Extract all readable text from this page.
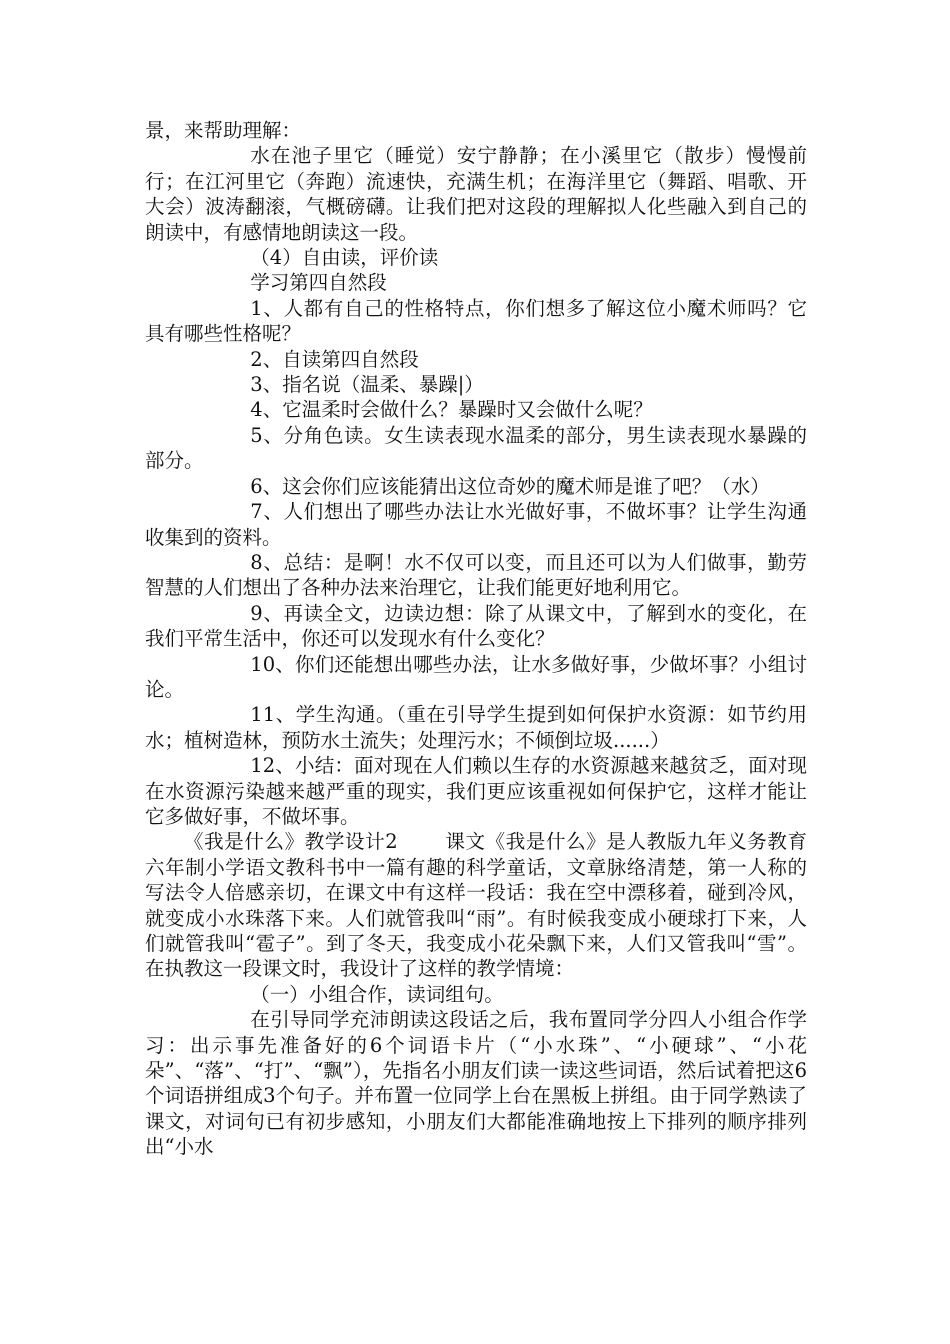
景，来帮助理解：

水在池子里它（睡觉）安宁静静；在小溪里它（散步）慢慢前行；在江河里它（奔跑）流速快，充满生机；在海洋里它（舞蹈、唱歌、开大会）波涛翻滚，气概磅礴。让我们把对这段的理解拟人化些融入到自己的朗读中，有感情地朗读这一段。

（4）自由读，评价读

学习第四自然段

1、人都有自己的性格特点，你们想多了解这位小魔术师吗？它具有哪些性格呢？

2、自读第四自然段

3、指名说（温柔、暴躁|）

4、它温柔时会做什么？暴躁时又会做什么呢？

5、分角色读。女生读表现水温柔的部分，男生读表现水暴躁的部分。

6、这会你们应该能猜出这位奇妙的魔术师是谁了吧？（水）

7、人们想出了哪些办法让水光做好事，不做坏事？让学生沟通收集到的资料。

8、总结：是啊！水不仅可以变，而且还可以为人们做事，勤劳智慧的人们想出了各种办法来治理它，让我们能更好地利用它。

9、再读全文，边读边想：除了从课文中，了解到水的变化，在我们平常生活中，你还可以发现水有什么变化？

10、你们还能想出哪些办法，让水多做好事，少做坏事？小组讨论。

11、学生沟通。（重在引导学生提到如何保护水资源：如节约用水；植树造林，预防水土流失；处理污水；不倾倒垃圾......）

12、小结：面对现在人们赖以生存的水资源越来越贫乏，面对现在水资源污染越来越严重的现实，我们更应该重视如何保护它，这样才能让它多做好事，不做坏事。

《我是什么》教学设计2　　 课文《我是什么》是人教版九年义务教育六年制小学语文教科书中一篇有趣的科学童话，文章脉络清楚，第一人称的写法令人倍感亲切，在课文中有这样一段话：我在空中漂移着，碰到冷风，就变成小水珠落下来。人们就管我叫“雨”。有时候我变成小硬球打下来，人们就管我叫“雹子”。到了冬天，我变成小花朵飘下来，人们又管我叫“雪”。在执教这一段课文时，我设计了这样的教学情境：

（一）小组合作，读词组句。

在引导同学充沛朗读这段话之后，我布置同学分四人小组合作学习：出示事先准备好的6个词语卡片（“小水珠”、“小硬球”、“小花朵”、“落”、“打”、“飘”），先指名小朋友们读一读这些词语，然后试着把这6个词语拼组成3个句子。并布置一位同学上台在黑板上拼组。由于同学熟读了课文，对词句已有初步感知，小朋友们大都能准确地按上下排列的顺序排列出“小水
